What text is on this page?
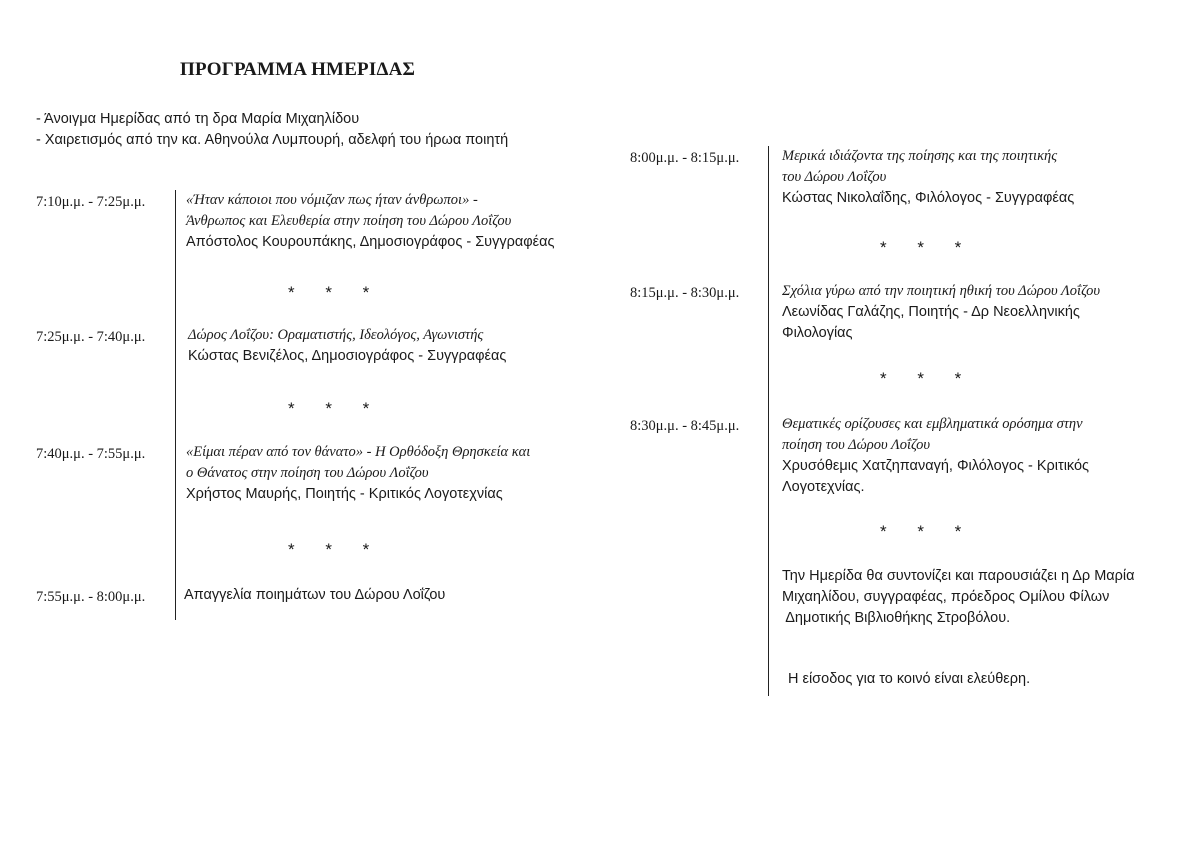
ΠΡΟΓΡΑΜΜΑ ΗΜΕΡΙΔΑΣ
- Άνοιγμα Ημερίδας από τη δρα Μαρία Μιχαηλίδου
- Χαιρετισμός από την κα. Αθηνούλα Λυμπουρή, αδελφή του ήρωα ποιητή
7:10μ.μ. - 7:25μ.μ.	«Ήταν κάποιοι που νόμιζαν πως ήταν άνθρωποι» -
Άνθρωπος και Ελευθερία στην ποίηση του Δώρου Λοΐζου
Απόστολος Κουρουπάκης, Δημοσιογράφος - Συγγραφέας
* * *
7:25μ.μ. - 7:40μ.μ.	Δώρος Λοΐζου: Οραματιστής, Ιδεολόγος, Αγωνιστής
Κώστας Βενιζέλος, Δημοσιογράφος - Συγγραφέας
* * *
7:40μ.μ. - 7:55μ.μ.	«Είμαι πέραν από τον θάνατο» - Η Ορθόδοξη Θρησκεία και
ο Θάνατος στην ποίηση του Δώρου Λοΐζου
Χρήστος Μαυρής, Ποιητής - Κριτικός Λογοτεχνίας
* * *
7:55μ.μ. - 8:00μ.μ.	Απαγγελία ποιημάτων του Δώρου Λοΐζου
8:00μ.μ. - 8:15μ.μ.	Μερικά ιδιάζοντα της ποίησης και της ποιητικής
του Δώρου Λοΐζου
Κώστας Νικολαΐδης, Φιλόλογος - Συγγραφέας
* * *
8:15μ.μ. - 8:30μ.μ.	Σχόλια γύρω από την ποιητική ηθική του Δώρου Λοΐζου
Λεωνίδας Γαλάζης, Ποιητής - Δρ Νεοελληνικής
Φιλολογίας
* * *
8:30μ.μ. - 8:45μ.μ.	Θεματικές ορίζουσες και εμβληματικά ορόσημα στην
ποίηση του Δώρου Λοΐζου
Χρυσόθεμις Χατζηπαναγή, Φιλόλογος - Κριτικός
Λογοτεχνίας.
* * *
Την Ημερίδα θα συντονίζει και παρουσιάζει η Δρ Μαρία
Μιχαηλίδου, συγγραφέας, πρόεδρος Ομίλου Φίλων
Δημοτικής Βιβλιοθήκης Στροβόλου.
Η είσοδος για το κοινό είναι ελεύθερη.
